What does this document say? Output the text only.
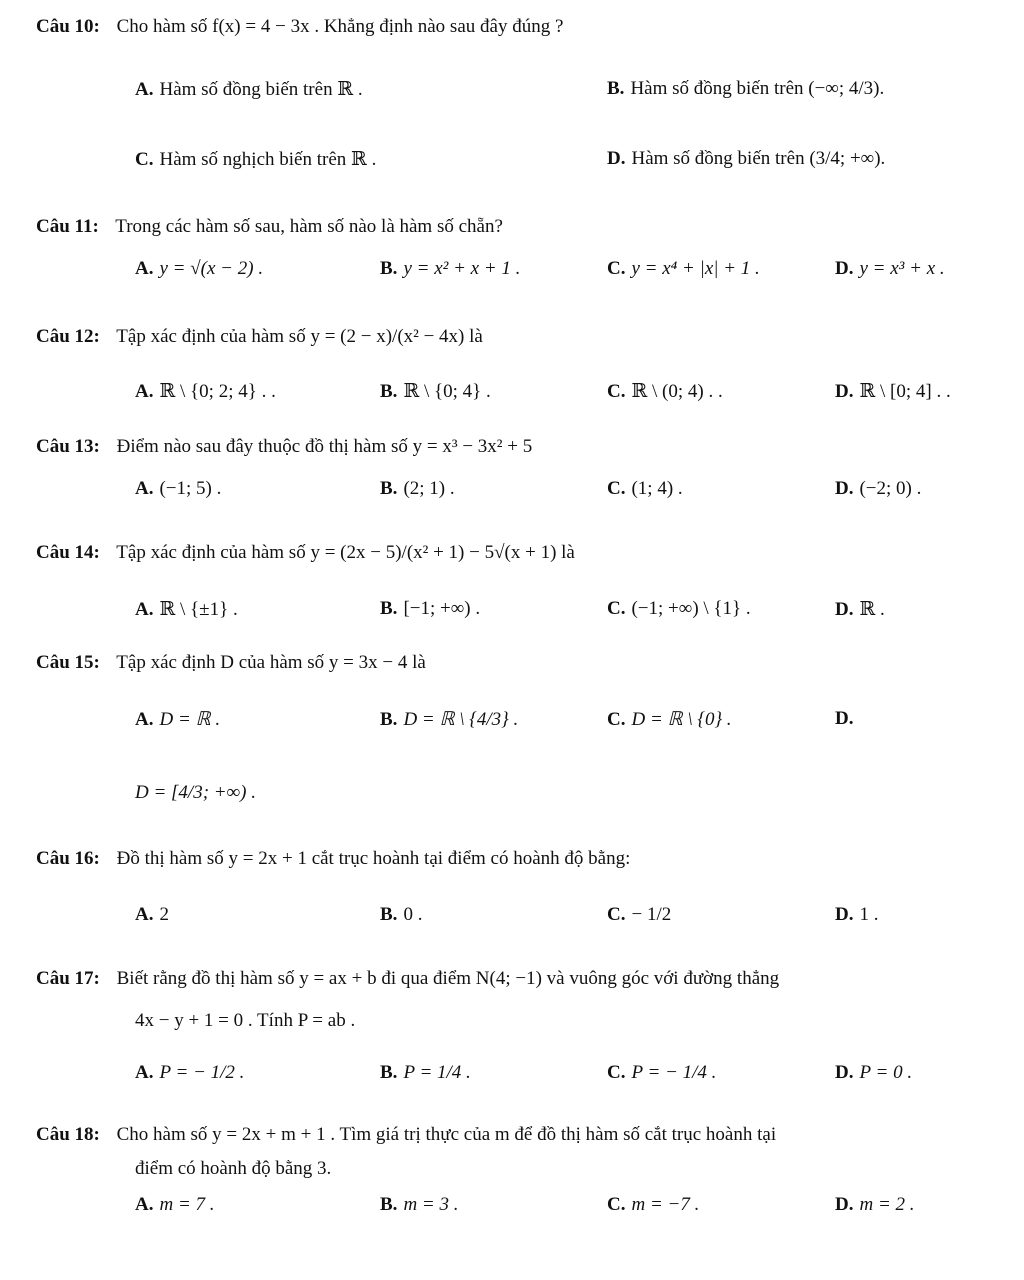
Câu 10: Cho hàm số f(x) = 4 − 3x . Khẳng định nào sau đây đúng ?
A. Hàm số đồng biến trên ℝ .	B. Hàm số đồng biến trên (−∞; 4/3).
C. Hàm số nghịch biến trên ℝ .	D. Hàm số đồng biến trên (3/4; +∞).
Câu 11: Trong các hàm số sau, hàm số nào là hàm số chẵn?
A. y = √(x − 2) .	B. y = x² + x + 1 .	C. y = x⁴ + |x| + 1 .	D. y = x³ + x .
Câu 12: Tập xác định của hàm số y = (2 − x)/(x² − 4x) là
A. ℝ \ {0; 2; 4} . .	B. ℝ \ {0; 4} .	C. ℝ \ (0; 4) . .	D. ℝ \ [0; 4] . .
Câu 13: Điểm nào sau đây thuộc đồ thị hàm số y = x³ − 3x² + 5
A. (−1; 5) .	B. (2; 1) .	C. (1; 4) .	D. (−2; 0) .
Câu 14: Tập xác định của hàm số y = (2x − 5)/(x² + 1) − 5√(x + 1) là
A. ℝ \ {±1} .	B. [−1; +∞) .	C. (−1; +∞) \ {1} .	D. ℝ .
Câu 15: Tập xác định D của hàm số y = 3x − 4 là
A. D = ℝ .	B. D = ℝ \ {4/3} .	C. D = ℝ \ {0} .	D.
D = [4/3; +∞) .
Câu 16: Đồ thị hàm số y = 2x + 1 cắt trục hoành tại điểm có hoành độ bằng:
A. 2	B. 0 .	C. − 1/2	D. 1 .
Câu 17: Biết rằng đồ thị hàm số y = ax + b đi qua điểm N(4; −1) và vuông góc với đường thẳng
4x − y + 1 = 0 . Tính P = ab .
A. P = − 1/2 .	B. P = 1/4 .	C. P = − 1/4 .	D. P = 0 .
Câu 18: Cho hàm số y = 2x + m + 1 . Tìm giá trị thực của m để đồ thị hàm số cắt trục hoành tại
điểm có hoành độ bằng 3.
A. m = 7 .	B. m = 3 .	C. m = −7 .	D. m = 2 .
